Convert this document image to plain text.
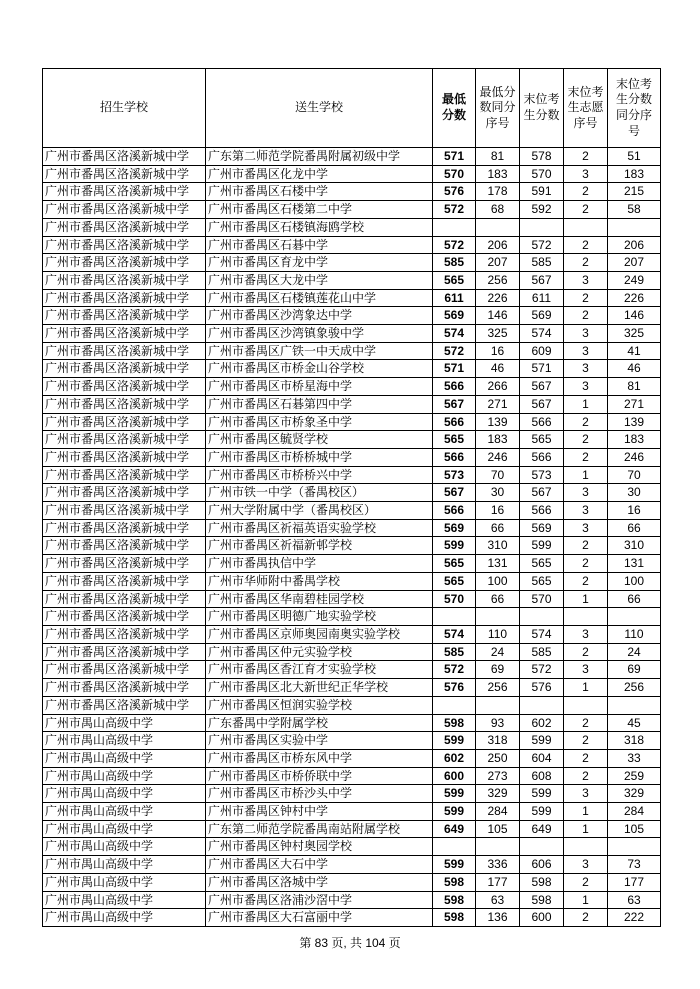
招生学校	送生学校	最低分数	最低分数同分序号	末位考生分数	末位考生志愿序号	末位考生分数同分序号
广州市番禺区洛溪新城中学	广东第二师范学院番禺附属初级中学	571	81	578	2	51
广州市番禺区洛溪新城中学	广州市番禺区化龙中学	570	183	570	3	183
广州市番禺区洛溪新城中学	广州市番禺区石楼中学	576	178	591	2	215
广州市番禺区洛溪新城中学	广州市番禺区石楼第二中学	572	68	592	2	58
广州市番禺区洛溪新城中学	广州市番禺区石楼镇海鸥学校					
广州市番禺区洛溪新城中学	广州市番禺区石碁中学	572	206	572	2	206
广州市番禺区洛溪新城中学	广州市番禺区育龙中学	585	207	585	2	207
广州市番禺区洛溪新城中学	广州市番禺区大龙中学	565	256	567	3	249
广州市番禺区洛溪新城中学	广州市番禺区石楼镇莲花山中学	611	226	611	2	226
广州市番禺区洛溪新城中学	广州市番禺区沙湾象达中学	569	146	569	2	146
广州市番禺区洛溪新城中学	广州市番禺区沙湾镇象骏中学	574	325	574	3	325
广州市番禺区洛溪新城中学	广州市番禺区广铁一中天成中学	572	16	609	3	41
广州市番禺区洛溪新城中学	广州市番禺区市桥金山谷学校	571	46	571	3	46
广州市番禺区洛溪新城中学	广州市番禺区市桥星海中学	566	266	567	3	81
广州市番禺区洛溪新城中学	广州市番禺区石碁第四中学	567	271	567	1	271
广州市番禺区洛溪新城中学	广州市番禺区市桥象圣中学	566	139	566	2	139
广州市番禺区洛溪新城中学	广州市番禺区毓贤学校	565	183	565	2	183
广州市番禺区洛溪新城中学	广州市番禺区市桥桥城中学	566	246	566	2	246
广州市番禺区洛溪新城中学	广州市番禺区市桥桥兴中学	573	70	573	1	70
广州市番禺区洛溪新城中学	广州市铁一中学（番禺校区）	567	30	567	3	30
广州市番禺区洛溪新城中学	广州大学附属中学（番禺校区）	566	16	566	3	16
广州市番禺区洛溪新城中学	广州市番禺区祈福英语实验学校	569	66	569	3	66
广州市番禺区洛溪新城中学	广州市番禺区祈福新邨学校	599	310	599	2	310
广州市番禺区洛溪新城中学	广州市番禺执信中学	565	131	565	2	131
广州市番禺区洛溪新城中学	广州市华师附中番禺学校	565	100	565	2	100
广州市番禺区洛溪新城中学	广州市番禺区华南碧桂园学校	570	66	570	1	66
广州市番禺区洛溪新城中学	广州市番禺区明德广地实验学校					
广州市番禺区洛溪新城中学	广州市番禺区京师奥园南奥实验学校	574	110	574	3	110
广州市番禺区洛溪新城中学	广州市番禺区仲元实验学校	585	24	585	2	24
广州市番禺区洛溪新城中学	广州市番禺区香江育才实验学校	572	69	572	3	69
广州市番禺区洛溪新城中学	广州市番禺区北大新世纪正华学校	576	256	576	1	256
广州市番禺区洛溪新城中学	广州市番禺区恒润实验学校					
广州市禺山高级中学	广东番禺中学附属学校	598	93	602	2	45
广州市禺山高级中学	广州市番禺区实验中学	599	318	599	2	318
广州市禺山高级中学	广州市番禺区市桥东风中学	602	250	604	2	33
广州市禺山高级中学	广州市番禺区市桥侨联中学	600	273	608	2	259
广州市禺山高级中学	广州市番禺区市桥沙头中学	599	329	599	3	329
广州市禺山高级中学	广州市番禺区钟村中学	599	284	599	1	284
广州市禺山高级中学	广东第二师范学院番禺南站附属学校	649	105	649	1	105
广州市禺山高级中学	广州市番禺区钟村奥园学校					
广州市禺山高级中学	广州市番禺区大石中学	599	336	606	3	73
广州市禺山高级中学	广州市番禺区洛城中学	598	177	598	2	177
广州市禺山高级中学	广州市番禺区洛浦沙滘中学	598	63	598	1	63
广州市禺山高级中学	广州市番禺区大石富丽中学	598	136	600	2	222
第 83 页, 共 104 页
